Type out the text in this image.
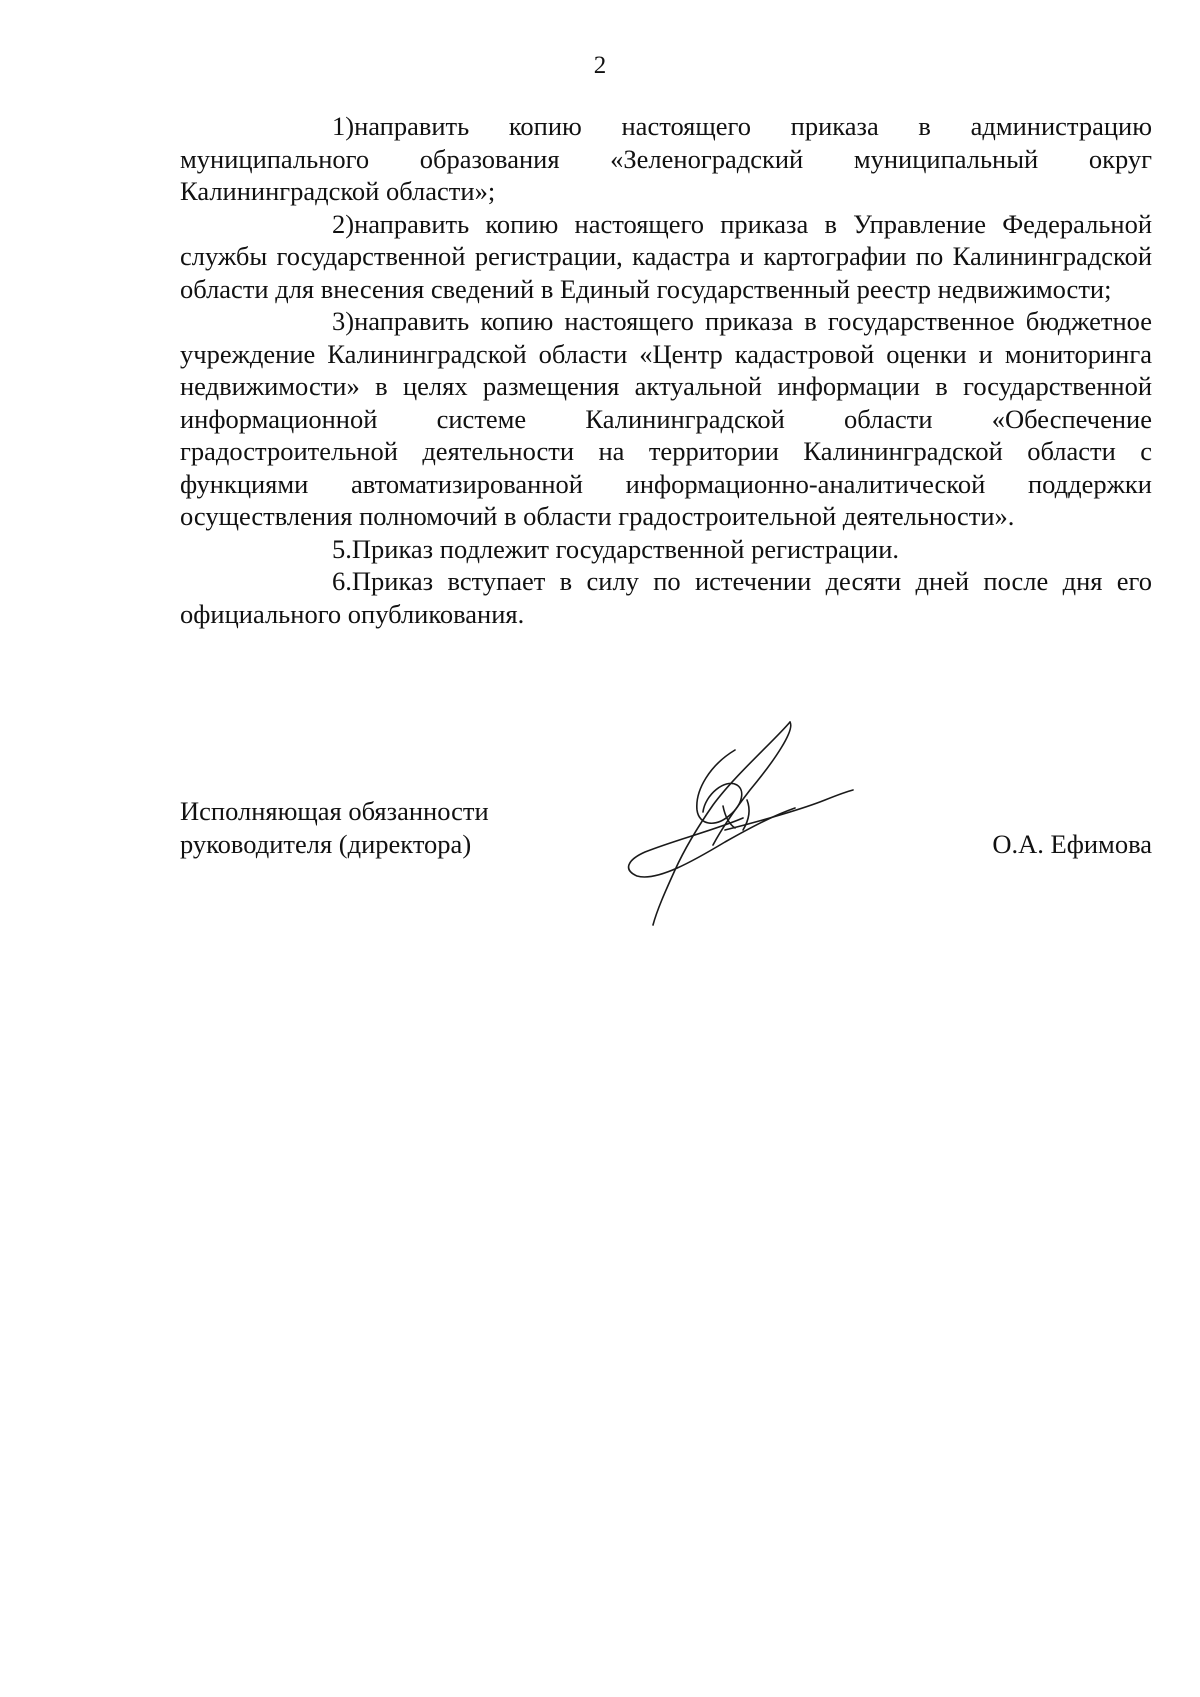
2

1)направить копию настоящего приказа в администрацию муниципального образования «Зеленоградский муниципальный округ Калининградской области»;

2)направить копию настоящего приказа в Управление Федеральной службы государственной регистрации, кадастра и картографии по Калининградской области для внесения сведений в Единый государственный реестр недвижимости;

3)направить копию настоящего приказа в государственное бюджетное учреждение Калининградской области «Центр кадастровой оценки и мониторинга недвижимости» в целях размещения актуальной информации в государственной информационной системе Калининградской области «Обеспечение градостроительной деятельности на территории Калининградской области с функциями автоматизированной информационно-аналитической поддержки осуществления полномочий в области градостроительной деятельности».

5.Приказ подлежит государственной регистрации.

6.Приказ вступает в силу по истечении десяти дней после дня его официального опубликования.

Исполняющая обязанности
руководителя (директора)	О.А. Ефимова
